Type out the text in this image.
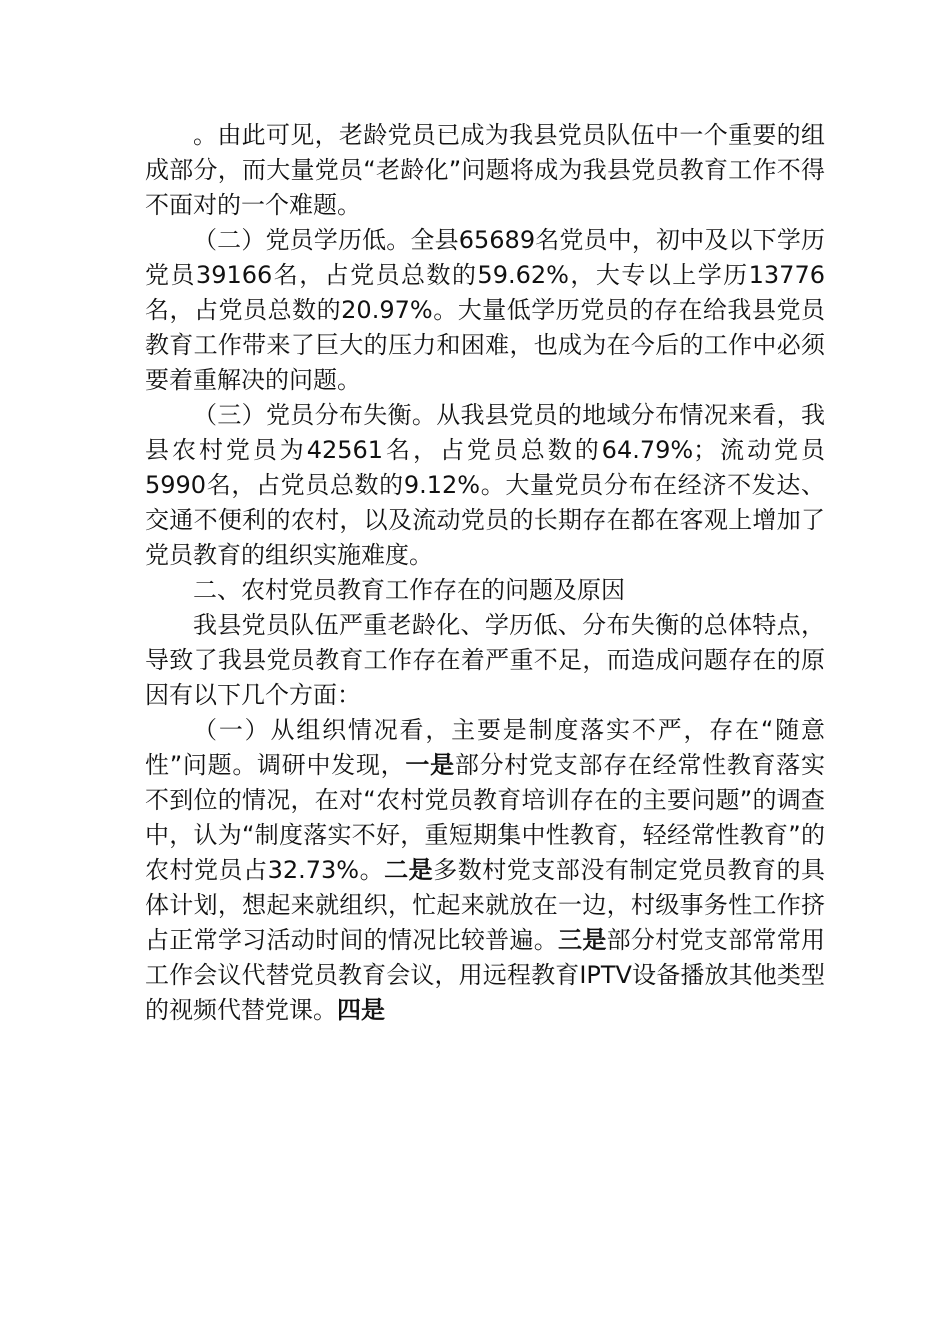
。由此可见，老龄党员已成为我县党员队伍中一个重要的组成部分，而大量党员“老龄化”问题将成为我县党员教育工作不得不面对的一个难题。

（二）党员学历低。全县65689名党员中，初中及以下学历党员39166名，占党员总数的59.62%，大专以上学历13776名，占党员总数的20.97%。大量低学历党员的存在给我县党员教育工作带来了巨大的压力和困难，也成为在今后的工作中必须要着重解决的问题。

（三）党员分布失衡。从我县党员的地域分布情况来看，我县农村党员为42561名，占党员总数的64.79%；流动党员5990名，占党员总数的9.12%。大量党员分布在经济不发达、交通不便利的农村，以及流动党员的长期存在都在客观上增加了党员教育的组织实施难度。

二、农村党员教育工作存在的问题及原因

我县党员队伍严重老龄化、学历低、分布失衡的总体特点，导致了我县党员教育工作存在着严重不足，而造成问题存在的原因有以下几个方面：

（一）从组织情况看，主要是制度落实不严，存在“随意性”问题。调研中发现，一是部分村党支部存在经常性教育落实不到位的情况，在对“农村党员教育培训存在的主要问题”的调查中，认为“制度落实不好，重短期集中性教育，轻经常性教育”的农村党员占32.73%。二是多数村党支部没有制定党员教育的具体计划，想起来就组织，忙起来就放在一边，村级事务性工作挤占正常学习活动时间的情况比较普遍。三是部分村党支部常常用工作会议代替党员教育会议，用远程教育IPTV设备播放其他类型的视频代替党课。四是
